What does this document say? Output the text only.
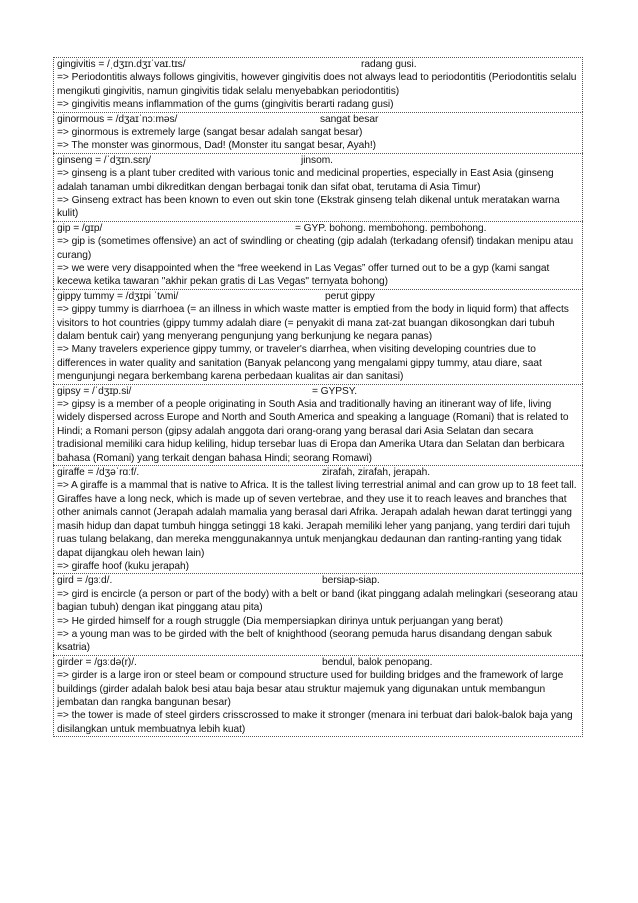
gingivitis = /ˌdʒɪn.dʒɪˈvaɪ.tɪs/	radang gusi.
=> Periodontitis always follows gingivitis, however gingivitis does not always lead to periodontitis (Periodontitis selalu mengikuti gingivitis, namun gingivitis tidak selalu menyebabkan periodontitis)
=> gingivitis means inflammation of the gums (gingivitis berarti radang gusi)
ginormous = /dʒaɪˈnɔːməs/	sangat besar
=> ginormous is extremely large (sangat besar adalah sangat besar)
=> The monster was ginormous, Dad! (Monster itu sangat besar, Ayah!)
ginseng = /ˈdʒɪn.sɛŋ/	jinsom.
=> ginseng is a plant tuber credited with various tonic and medicinal properties, especially in East Asia (ginseng adalah tanaman umbi dikreditkan dengan berbagai tonik dan sifat obat, terutama di Asia Timur)
=> Ginseng extract has been known to even out skin tone (Ekstrak ginseng telah dikenal untuk meratakan warna kulit)
gip = /gɪp/	= GYP. bohong. membohong. pembohong.
=> gip is (sometimes offensive) an act of swindling or cheating (gip adalah (terkadang ofensif) tindakan menipu atau curang)
=> we were very disappointed when the “free weekend in Las Vegas” offer turned out to be a gyp (kami sangat kecewa ketika tawaran "akhir pekan gratis di Las Vegas" ternyata bohong)
gippy tummy = /dʒɪpi ˈtʌmi/	perut gippy
=> gippy tummy is diarrhoea (= an illness in which waste matter is emptied from the body in liquid form) that affects visitors to hot countries (gippy tummy adalah diare (= penyakit di mana zat-zat buangan dikosongkan dari tubuh dalam bentuk cair) yang menyerang pengunjung yang berkunjung ke negara panas)
=> Many travelers experience gippy tummy, or traveler's diarrhea, when visiting developing countries due to differences in water quality and sanitation (Banyak pelancong yang mengalami gippy tummy, atau diare, saat mengunjungi negara berkembang karena perbedaan kualitas air dan sanitasi)
gipsy = /ˈdʒɪp.si/	= GYPSY.
=> gipsy is a member of a people originating in South Asia and traditionally having an itinerant way of life, living widely dispersed across Europe and North and South America and speaking a language (Romani) that is related to Hindi; a Romani person (gipsy adalah anggota dari orang-orang yang berasal dari Asia Selatan dan secara tradisional memiliki cara hidup keliling, hidup tersebar luas di Eropa dan Amerika Utara dan Selatan dan berbicara bahasa (Romani) yang terkait dengan bahasa Hindi; seorang Romawi)
giraffe = /dʒəˈrɑːf/.	zirafah, zirafah, jerapah.
=> A giraffe is a mammal that is native to Africa. It is the tallest living terrestrial animal and can grow up to 18 feet tall. Giraffes have a long neck, which is made up of seven vertebrae, and they use it to reach leaves and branches that other animals cannot (Jerapah adalah mamalia yang berasal dari Afrika. Jerapah adalah hewan darat tertinggi yang masih hidup dan dapat tumbuh hingga setinggi 18 kaki. Jerapah memiliki leher yang panjang, yang terdiri dari tujuh ruas tulang belakang, dan mereka menggunakannya untuk menjangkau dedaunan dan ranting-ranting yang tidak dapat dijangkau oleh hewan lain)
=> giraffe hoof (kuku jerapah)
gird = /gɜːd/.	bersiap-siap.
=> gird is encircle (a person or part of the body) with a belt or band (ikat pinggang adalah melingkari (seseorang atau bagian tubuh) dengan ikat pinggang atau pita)
=> He girded himself for a rough struggle (Dia mempersiapkan dirinya untuk perjuangan yang berat)
=> a young man was to be girded with the belt of knighthood (seorang pemuda harus disandang dengan sabuk ksatria)
girder = /gɜːdə(r)/.	bendul, balok penopang.
=> girder is a large iron or steel beam or compound structure used for building bridges and the framework of large buildings (girder adalah balok besi atau baja besar atau struktur majemuk yang digunakan untuk membangun jembatan dan rangka bangunan besar)
=> the tower is made of steel girders crisscrossed to make it stronger (menara ini terbuat dari balok-balok baja yang disilangkan untuk membuatnya lebih kuat)
